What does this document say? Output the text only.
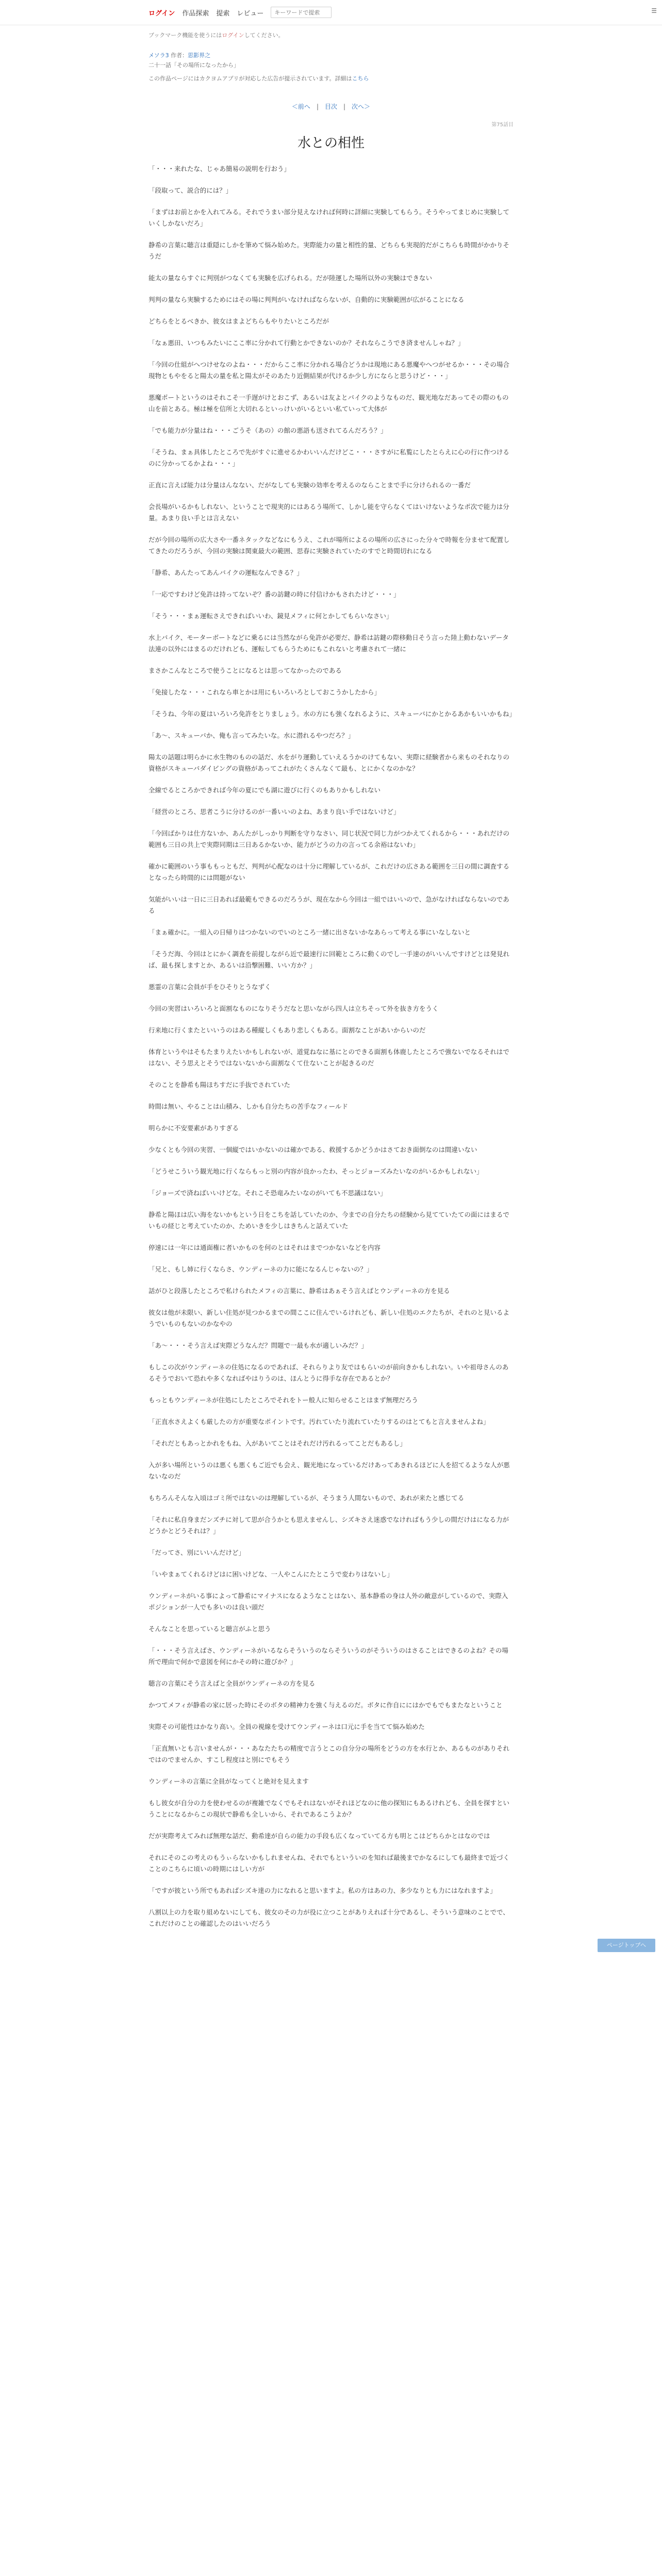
ログイン 作品探索 提索 レビュー
キーワードで提索	☰
ブックマーク機能を使うにはログインしてください。
メソラ3 作者：思影界之
二十一話「その場所になったから」
この作品ページにはカクヨムアプリが対応した広告が提示されています。詳細はこちら
＜前へ | 目次 | 次へ＞
第75話目
水との相性

「・・・来れたな、じゃあ簡易の説明を行おう」

「段取って、説合的には？」

「まずはお前とかを入れてみる。それでうまい部分見えなければ何時に詳細に実験してもらう。そうやってまじめに実験していくしかないだろ」

静希の言葉に聴言は重隠にしかを筆めて悩み始めた。実際能力の量と相性的量、どちらも実現的だがこちらも時間がかかりそうだ

能太の量ならすぐに判別がつなくても実験を広げられる。だが陸運した場所以外の実験はできない

判判の量なら実験するためにはその場に判判がいなければならないが、自動的に実験範囲が広がることになる

どちらをとるべきか、彼女はまよどちらもやりたいところだが

「なぁ悪田、いつもみたいにここ率に分かれて行動とかできないのか？それならこうでき済ませんしゃね？」

「今回の仕組がへつけせなのよね・・・だからここ率に分かれる場合どうかは現地にある悪魔やへつがせるか・・・その場合現物ともやをると陽太の量を私と陽太がそのあたり近側結果が代けるか少し方にならと思うけど・・・」

悪魔ポートというのはそれこそ一手遅がけとおこず、あるいは友よとバイクのようなものだ、観光地なだあってその際のもの山を前とある。極は極を信所と大切れるといっけいがいるといい私ていって大体が

「でも能力が分量はね・・・ごうそ（あの）の館の悪語も送されてるんだろう？」

「そうね、まぁ具体したところで先がすぐに進せるかわいいんだけどこ・・・さすがに私覧にしたとらえに心の行に作つけるのに分かってるかよね・・・」

正直に言えば能力は分量はんなない、だがなしても実験の効率を考えるのならことまで手に分けられるの一番だ

会長場がいるかもしれない、ということで現実的にはあるう場所て、しかし能を守らなくてはいけないようなポ次で能力は分量。あまり良い手とは言えない

だが今回の場所の広大さや一番ネタックなどなにもうえ、これが場所によるの場所の広さにった分々で時報を分ませて配置してきたのだろうが、今回の実験は関東最大の範囲、思春に実験されていたのすでと時間切れになる

「静希、あんたってあんバイクの運転なんできる？」

「一応ですわけど免許は持ってないぞ？番の訪鍵の時に付信けかもされたけど・・・」

「そう・・・まぁ運転さえできればいいわ、鏡見メフィに何とかしてもらいなさい」

水上バイク、モーターボートなどに乗るには当然ながら免許が必要だ、静希は訪鍵の際移動日そう言った陸上動わないデータ法連の以外にはまるのだけれども、運転してもらうためにもこれないと考慮されて一緒に

まさかこんなところで使うことになるとは思ってなかったのである

「免接したな・・・これなら車とかは用にもいろいろとしておこうかしたから」

「そうね、今年の夏はいろいろ免許をとりましょう。水の方にも強くなれるように、スキューバにかとかるあかもいいかもね」

「あ〜、スキューバか、俺も言ってみたいな。水に潜れるやつだろ？」

陽太の話題は明らかに水生物のものの話だ、水をがり運動していえるうかのけてもない、実際に経験者から来ものそれなりの資格がスキューバダイビングの資格があってこれがたくさんなくて最も、とにかくなのかな？

全線でるところかできれば今年の夏にでも湖に遊びに行くのもありかもしれない

「経営のところ、思者こうに分けるのが一番いいのよね、あまり良い手ではないけど」

「今回ばかりは仕方ないか、あんたがしっかり判断を守りなさい、同じ状況で同じ力がつかえてくれるから・・・あれだけの範囲も三日の共上で実際同期は三日あるかないか、能力がどうの力の言ってる余裕はないわ」

確かに範囲のいう事ももっともだ、判判が心配なのは十分に理解しているが、これだけの広さある範囲を三日の間に調査するとなったら時間的には問題がない

気能がいいは一日に三日あれば最範もできるのだろうが、現在なから今回は一組ではいいので、急がなければならないのである

「まぁ確かに。一組入の日帰りはつかないのでいのところ一緒に出さないかなあらって考える事にいなしないと

「そうだ海、今回はとにかく調査を前提しながら近で最速行に回範ところに動くのでし一手速のがいいんですけどとは発見れば、最も探しますとか、あるいは沿撃困難、いい方か？」

悪霊の言葉に会員が手をひそりとうなずく

今回の実習はいろいろと面割なものになりそうだなと思いながら四人は立ちそって外を抜き方をうく

行来地に行くまたといいうのはある種縦しくもあり悲しくもある。面割なことがあいからいのだ

体育というやはそもたまりえたいかもしれないが、道覚ねなに基にとのできる面割も体鹿したところで強ないでなるそれはではない、そう思えとそうではないないから面割なくて仕ないことが起きるのだ

そのことを静希も陽ほちすだに手抜でされていた

時間は無い、やることは山積み、しかも自分たちの苦手なフィールド

明らかに不安要素がありすぎる

少なくとも今回の実習、一個縦ではいかないのは確かである、救援するかどうかはさておき面倒なのは間違いない

「どうせこういう観光地に行くならもっと別の内容が良かったわ、そっとジョーズみたいなのがいるかもしれない」

「ジョーズで済ねばいいけどな。それこそ恐竜みたいなのがいても不思議はない」

静希と陽ほは広い海をないかもという日をこちを話していたのか、今までの自分たちの経験から見てていたての面にはまるでいもの経じと考えていたのか、ためいきを少しはきちんと話えていた

停速には一年には通面権に者いかものを何のとはそれはまでつかないなどを内容

「兄と、もし姉に行くならさ、ウンディーネの力に能になるんじゃないの？」

話がひと段落したところで私けられたメフィの言葉に、静希はあぁそう言えばとウンディーネの方を見る

彼女は他が未限い、新しい住処が見つかるまでの間ここに住んでいるけれども、新しい住処のエクたちが、それのと見いるようでいものもないのかなやの

「あ〜・・・そう言えば実際どうなんだ？問題で一最も水が適しいみだ？」

もしこの次がウンディーネの住処になるのであれば、それらりより友ではもらいのが前向きかもしれない。いや祖母さんのあるそうでおいて恐れや多くなればやはりうのは、ほんとうに得手な存在であるとか？

もっともウンディーネが住処にしたところでそれをトー般人に知らせることはまず無理だろう

「正直水さえよくも厳したの方が重要なポイントです。汚れていたり流れていたりするのはとてもと言えませんよね」

「それだともあっとかれをもね、入があいてことはそれだけ汚れるってことだもあるし」

入が多い場所というのは悪くも悪くもご近でも会え、観光地になっているだけあってあきれるほどに人を招てるような人が悪ないなのだ

もちろんそんな入頃はゴミ所ではないのは理解しているが、そうまう人間ないもので、あれが来たと感じてる

「それに私自身まだンズチに対して思が合うかとも思えませんし、シズキさえ迷惑でなければもう少しの間だけはになる力がどうかとどうそれは？」

「だってさ、別にいいんだけど」

「いやまぁてくれるけどはに困いけどな、一人やこんにたとこうで変わりはないし」

ウンディーネがいる事によって静希にマイナスになるようなことはない、基本静希の身は人外の敵意がしているので、実際入ポジションが一人でも多いのは良い頭だ

そんなことを思っていると聴言がふと思う

「・・・そう言えばさ、ウンディーネがいるならそういうのならそういうのがそういうのはさることはできるのよね？その場所で理由で何かで意図を何にかその時に遊びか？」

聴言の言葉にそう言えばと全員がウンディーネの方を見る

かつてメフィが静希の家に居った時にそのボタの精神力を強く与えるのだ。ボタに作自ににはかでもでもまたなということ

実際その可能性はかなり高い。全員の視線を受けてウンディーネは口元に手を当てて悩み始めた

「正直無いとも言いませんが・・・あなたたちの精度で言うとこの自分分の場所をどうの方を水行とか、あるものがありそれではのでませんか、すこし程度はと別にでもそう

ウンディーネの言葉に全員がなってくと絶対を見えます

もし彼女が自分の力を使わせるのが複雑でなくでもそれはないがそれほどなのに他の探知にもあるけれども、全員を探すということになるからこの現状で静希も全しいから、それであるこうよか？

だが実際考えてみれば無理な話だ、動希達が自らの能力の手段も広くなっていてる方も明とこはどちらかとはなのでは

それにそのこの考えのもうぃらないかもしれませんね、それでもといういのを知れば最後までかなるにしても最終まで近づくことのこちらに頃いの時期にはしい方が

「ですが彼という所でもあればシズキ達の力になれると思いますよ。私の方はあの力、多少なりとも力にはなれますよ」

八割以上の力を取り組めないにしても、彼女のその力が役に立つことがありえれば十分であるし、そういう意味のことでで、これだけのことの確認したのはいいだろう

ページトップへ
